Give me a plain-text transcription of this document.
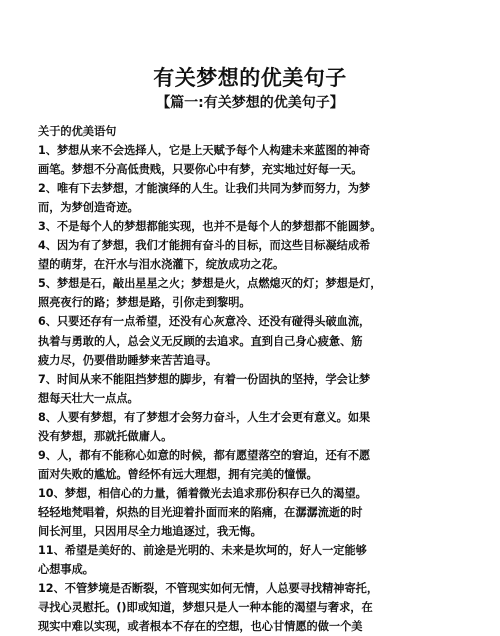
有关梦想的优美句子
【篇一:有关梦想的优美句子】
关于的优美语句
1、梦想从来不会选择人，它是上天赋予每个人构建未来蓝图的神奇
画笔。梦想不分高低贵贱，只要你心中有梦，充实地过好每一天。
2、唯有下去梦想，才能演绎的人生。让我们共同为梦而努力，为梦
而，为梦创造奇迹。
3、不是每个人的梦想都能实现，也并不是每个人的梦想都不能圆梦。
4、因为有了梦想，我们才能拥有奋斗的目标，而这些目标凝结成希
望的萌芽，在汗水与泪水浇灌下，绽放成功之花。
5、梦想是石，敲出星星之火；梦想是火，点燃熄灭的灯；梦想是灯，
照亮夜行的路；梦想是路，引你走到黎明。
6、只要还存有一点希望，还没有心灰意冷、还没有碰得头破血流，
执着与勇敢的人，总会义无反顾的去追求。直到自己身心疲惫、筋
疲力尽，仍要借助睡梦来苦苦追寻。
7、时间从来不能阻挡梦想的脚步，有着一份固执的坚持，学会让梦
想每天壮大一点点。
8、人要有梦想，有了梦想才会努力奋斗，人生才会更有意义。如果
没有梦想，那就托做庸人。
9、人，都有不能称心如意的时候，都有愿望落空的窘迫，还有不愿
面对失败的尴尬。曾经怀有远大理想，拥有完美的憧憬。
10、梦想，相信心的力量，循着微光去追求那份积存已久的渴望。
轻轻地梵唱着，炽热的目光迎着扑面而来的陷痛，在潺潺流逝的时
间长河里，只因用尽全力地追逐过，我无悔。
11、希望是美好的、前途是光明的、未来是坎坷的，好人一定能够
心想事成。
12、不管梦境是否断裂，不管现实如何无情，人总要寻找精神寄托，
寻找心灵慰托。()即或知道，梦想只是人一种本能的渴望与奢求，在
现实中难以实现，或者根本不存在的空想，也心甘情愿的做一个美
